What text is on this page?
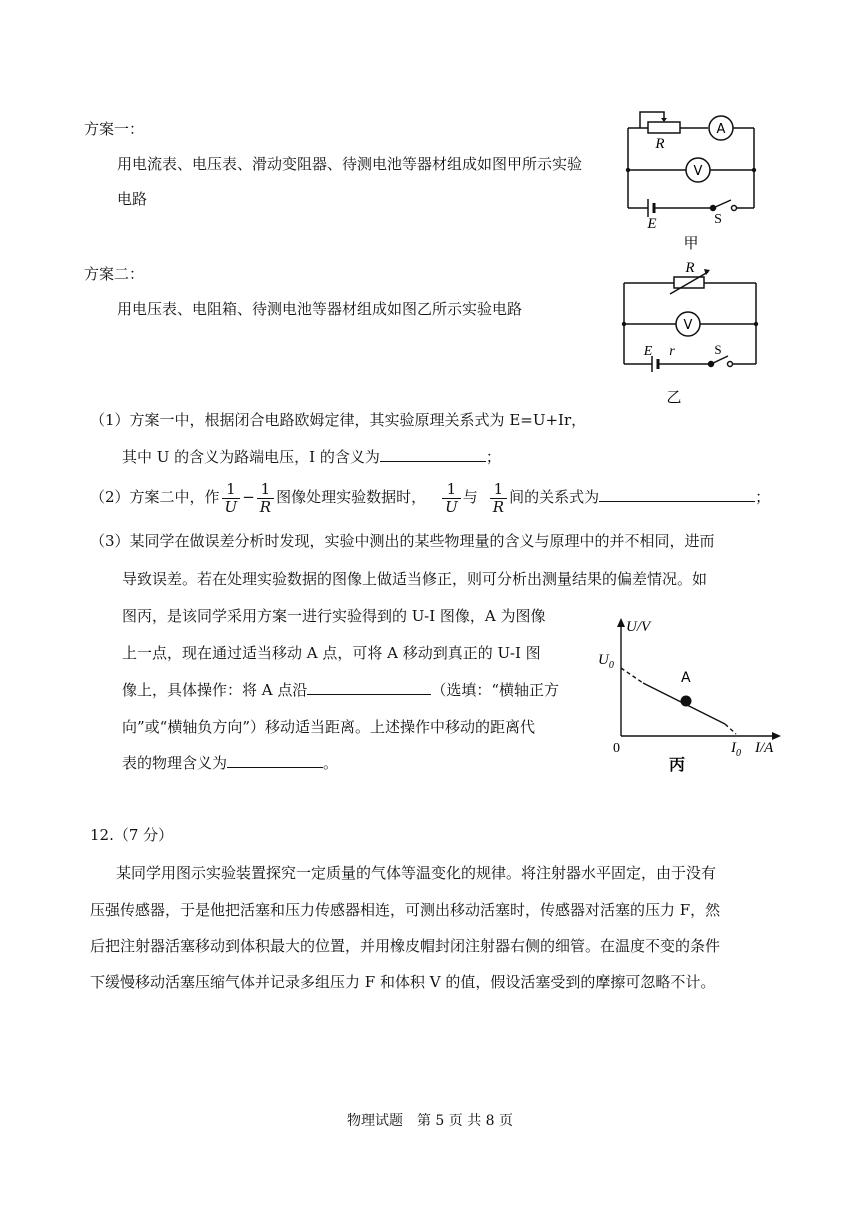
方案一：
用电流表、电压表、滑动变阻器、待测电池等器材组成如图甲所示实验
电路
R
A
V
E	S
甲
方案二：
用电压表、电阻箱、待测电池等器材组成如图乙所示实验电路
R
V
E r	S
乙
（1）方案一中，根据闭合电路欧姆定律，其实验原理关系式为 E=U+Ir，
其中 U 的含义为路端电压，I 的含义为	；
（2）方案二中，作 $\frac{1}{U} - \frac{1}{R}$ 图像处理实验数据时， $\frac{1}{U}$ 与 $\frac{1}{R}$ 间的关系式为	；
（3）某同学在做误差分析时发现，实验中测出的某些物理量的含义与原理中的并不相同，进而
导致误差。若在处理实验数据的图像上做适当修正，则可分析出测量结果的偏差情况。如
图丙，是该同学采用方案一进行实验得到的 U-I 图像，A 为图像
上一点，现在通过适当移动 A 点，可将 A 移动到真正的 U-I 图
像上，具体操作：将 A 点沿	（选填：“横轴正方
向”或“横轴负方向”）移动适当距离。上述操作中移动的距离代
表的物理含义为	。
U/V
$U_0$
A
0	$I_0$ I/A
丙
12.（7 分）
某同学用图示实验装置探究一定质量的气体等温变化的规律。将注射器水平固定，由于没有
压强传感器，于是他把活塞和压力传感器相连，可测出移动活塞时，传感器对活塞的压力 F，然
后把注射器活塞移动到体积最大的位置，并用橡皮帽封闭注射器右侧的细管。在温度不变的条件
下缓慢移动活塞压缩气体并记录多组压力 F 和体积 V 的值，假设活塞受到的摩擦可忽略不计。
物理试题　第 5 页 共 8 页
